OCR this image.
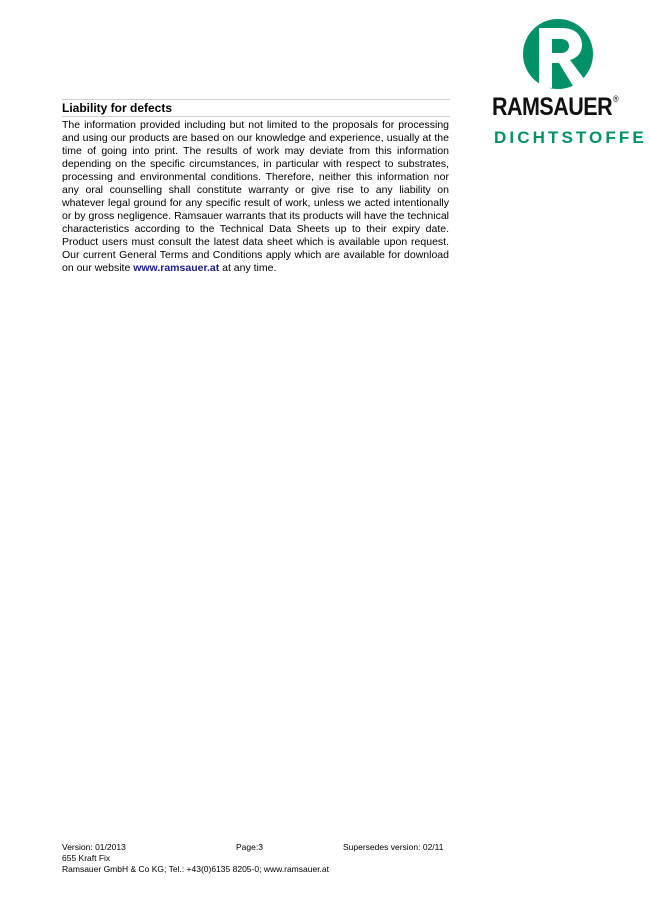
RAMSAUER®
DICHTSTOFFE
Liability for defects
The information provided including but not limited to the proposals for processing and using our products are based on our knowledge and experience, usually at the time of going into print. The results of work may deviate from this information depending on the specific circumstances, in particular with respect to substrates, processing and environmental conditions. Therefore, neither this information nor any oral counselling shall constitute warranty or give rise to any liability on whatever legal ground for any specific result of work, unless we acted intentionally or by gross negligence. Ramsauer warrants that its products will have the technical characteristics according to the Technical Data Sheets up to their expiry date. Product users must consult the latest data sheet which is available upon request. Our current General Terms and Conditions apply which are available for download on our website www.ramsauer.at at any time.
Version: 01/2013	Page:3	Supersedes version: 02/11
655 Kraft Fix
Ramsauer GmbH & Co KG; Tel.: +43(0)6135 8205-0; www.ramsauer.at
